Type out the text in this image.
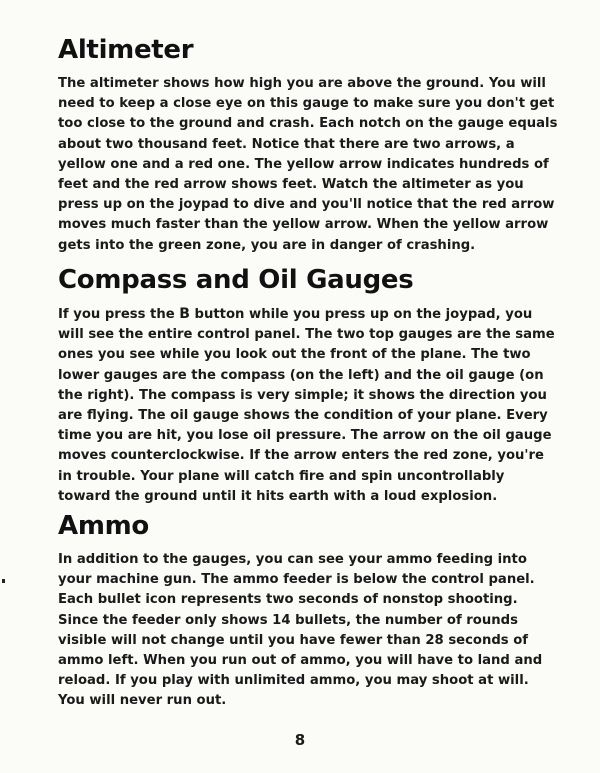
Altimeter

The altimeter shows how high you are above the ground. You will need to keep a close eye on this gauge to make sure you don't get too close to the ground and crash. Each notch on the gauge equals about two thousand feet. Notice that there are two arrows, a yellow one and a red one. The yellow arrow indicates hundreds of feet and the red arrow shows feet. Watch the altimeter as you press up on the joypad to dive and you'll notice that the red arrow moves much faster than the yellow arrow. When the yellow arrow gets into the green zone, you are in danger of crashing.

Compass and Oil Gauges

If you press the B button while you press up on the joypad, you will see the entire control panel. The two top gauges are the same ones you see while you look out the front of the plane. The two lower gauges are the compass (on the left) and the oil gauge (on the right). The compass is very simple; it shows the direction you are flying. The oil gauge shows the condition of your plane. Every time you are hit, you lose oil pressure. The arrow on the oil gauge moves counterclockwise. If the arrow enters the red zone, you're in trouble. Your plane will catch fire and spin uncontrollably toward the ground until it hits earth with a loud explosion.

Ammo

In addition to the gauges, you can see your ammo feeding into your machine gun. The ammo feeder is below the control panel. Each bullet icon represents two seconds of nonstop shooting. Since the feeder only shows 14 bullets, the number of rounds visible will not change until you have fewer than 28 seconds of ammo left. When you run out of ammo, you will have to land and reload. If you play with unlimited ammo, you may shoot at will. You will never run out.

8
